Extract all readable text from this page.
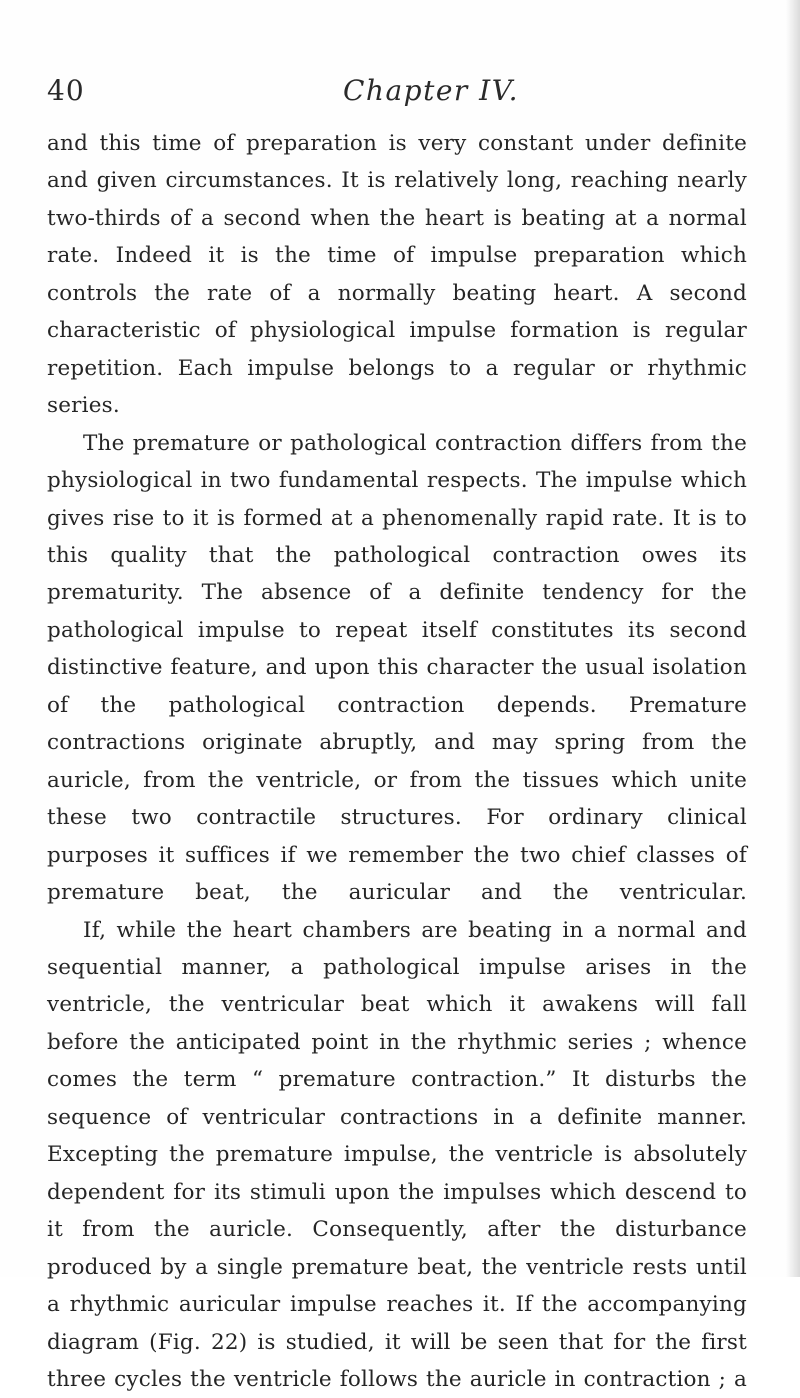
40	Chapter IV.

and this time of preparation is very constant under definite and given circumstances. It is relatively long, reaching nearly two-thirds of a second when the heart is beating at a normal rate. Indeed it is the time of impulse preparation which controls the rate of a normally beating heart. A second characteristic of physiological impulse formation is regular repetition. Each impulse belongs to a regular or rhythmic series.

The premature or pathological contraction differs from the physiological in two fundamental respects. The impulse which gives rise to it is formed at a phenomenally rapid rate. It is to this quality that the pathological contraction owes its prematurity. The absence of a definite tendency for the pathological impulse to repeat itself constitutes its second distinctive feature, and upon this character the usual isolation of the pathological contraction depends. Premature contractions originate abruptly, and may spring from the auricle, from the ventricle, or from the tissues which unite these two contractile structures. For ordinary clinical purposes it suffices if we remember the two chief classes of premature beat, the auricular and the ventricular.

If, while the heart chambers are beating in a normal and sequential manner, a pathological impulse arises in the ventricle, the ventricular beat which it awakens will fall before the anticipated point in the rhythmic series ; whence comes the term “ premature contraction.” It disturbs the sequence of ventricular contractions in a definite manner. Excepting the premature impulse, the ventricle is absolutely dependent for its stimuli upon the impulses which descend to it from the auricle. Consequently, after the disturbance produced by a single premature beat, the ventricle rests until a rhythmic auricular impulse reaches it. If the accompanying diagram (Fig. 22) is studied, it will be seen that for the first three cycles the ventricle follows the auricle in contraction ; a
